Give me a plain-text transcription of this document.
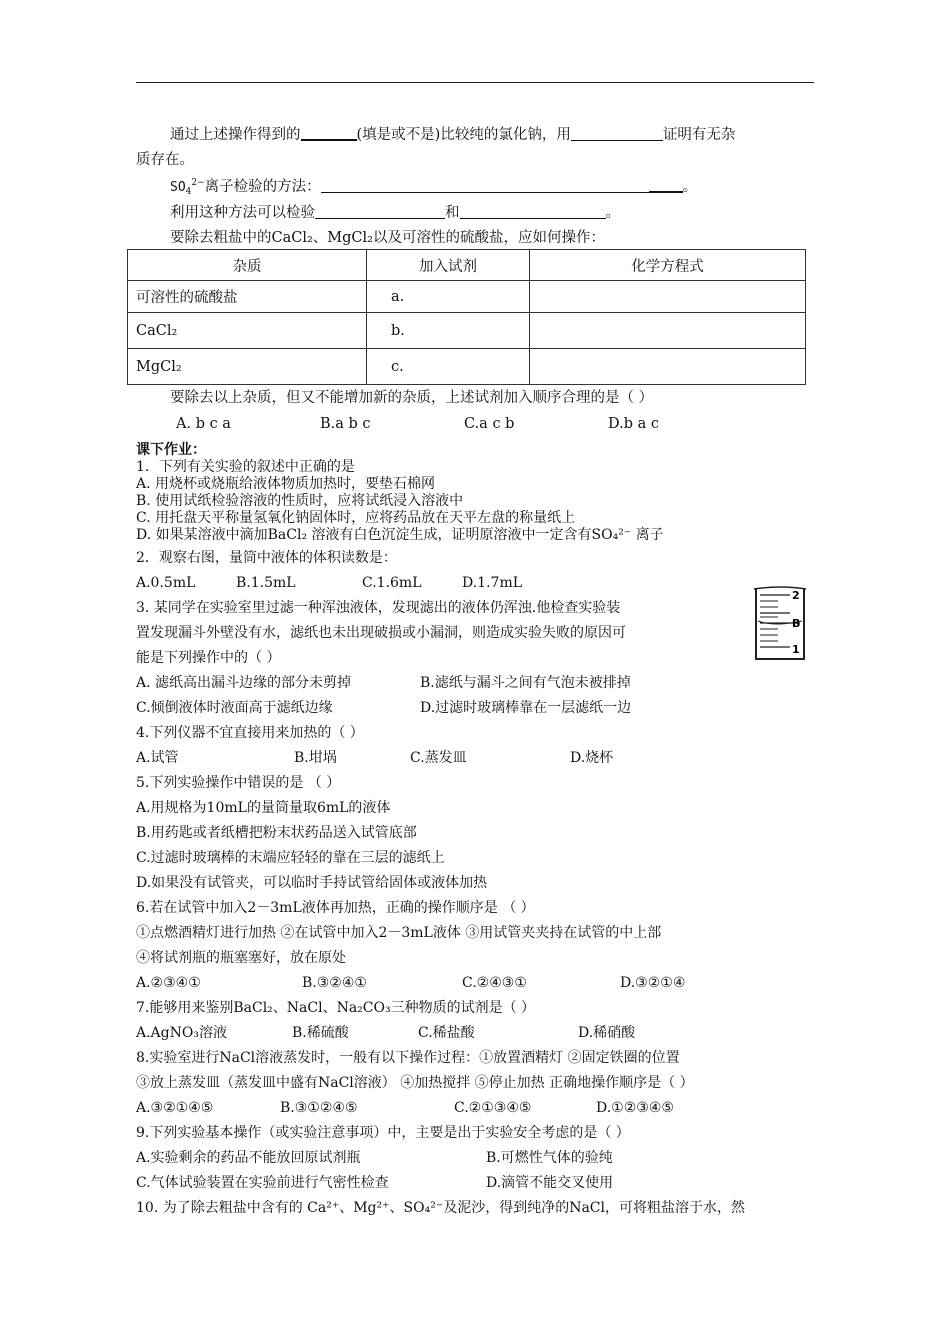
通过上述操作得到的	(填是或不是)比较纯的氯化钠，用	证明有无杂
质存在。
$SO_4^{2-}$离子检验的方法：	。
利用这种方法可以检验	和	。
要除去粗盐中的CaCl₂、MgCl₂以及可溶性的硫酸盐，应如何操作：
杂质	加入试剂	化学方程式
可溶性的硫酸盐	a.	
CaCl₂	b.	
MgCl₂	c.	
要除去以上杂质，但又不能增加新的杂质，上述试剂加入顺序合理的是（ ）
A. b c a	B.a b c	C.a c b	D.b a c
课下作业：
1．下列有关实验的叙述中正确的是
A. 用烧杯或烧瓶给液体物质加热时，要垫石棉网
B. 使用试纸检验溶液的性质时，应将试纸浸入溶液中
C. 用托盘天平称量氢氧化钠固体时，应将药品放在天平左盘的称量纸上
D. 如果某溶液中滴加BaCl₂ 溶液有白色沉淀生成，证明原溶液中一定含有SO₄²⁻ 离子
2．观察右图，量筒中液体的体积读数是：
A.0.5mL	B.1.5mL	C.1.6mL	D.1.7mL
2
B
1
3. 某同学在实验室里过滤一种浑浊液体，发现滤出的液体仍浑浊.他检查实验装
置发现漏斗外壁没有水，滤纸也未出现破损或小漏洞，则造成实验失败的原因可
能是下列操作中的（ ）
A. 滤纸高出漏斗边缘的部分未剪掉	B.滤纸与漏斗之间有气泡未被排掉
C.倾倒液体时液面高于滤纸边缘	D.过滤时玻璃棒靠在一层滤纸一边
4.下列仪器不宜直接用来加热的（ ）
A.试管	B.坩埚	C.蒸发皿	D.烧杯
5.下列实验操作中错误的是 （ ）
A.用规格为10mL的量筒量取6mL的液体
B.用药匙或者纸槽把粉末状药品送入试管底部
C.过滤时玻璃棒的末端应轻轻的靠在三层的滤纸上
D.如果没有试管夹，可以临时手持试管给固体或液体加热
6.若在试管中加入2－3mL液体再加热，正确的操作顺序是 （ ）
①点燃酒精灯进行加热 ②在试管中加入2－3mL液体 ③用试管夹夹持在试管的中上部
④将试剂瓶的瓶塞塞好，放在原处
A.②③④①	B.③②④①	C.②④③①	D.③②①④
7.能够用来鉴别BaCl₂、NaCl、Na₂CO₃三种物质的试剂是（ ）
A.AgNO₃溶液	B.稀硫酸	C.稀盐酸	D.稀硝酸
8.实验室进行NaCl溶液蒸发时，一般有以下操作过程：①放置酒精灯 ②固定铁圈的位置
③放上蒸发皿（蒸发皿中盛有NaCl溶液） ④加热搅拌 ⑤停止加热 正确地操作顺序是（ ）
A.③②①④⑤	B.③①②④⑤	C.②①③④⑤	D.①②③④⑤
9.下列实验基本操作（或实验注意事项）中，主要是出于实验安全考虑的是（ ）
A.实验剩余的药品不能放回原试剂瓶	B.可燃性气体的验纯
C.气体试验装置在实验前进行气密性检查	D.滴管不能交叉使用
10. 为了除去粗盐中含有的 Ca²⁺、Mg²⁺、SO₄²⁻及泥沙，得到纯净的NaCl，可将粗盐溶于水，然
